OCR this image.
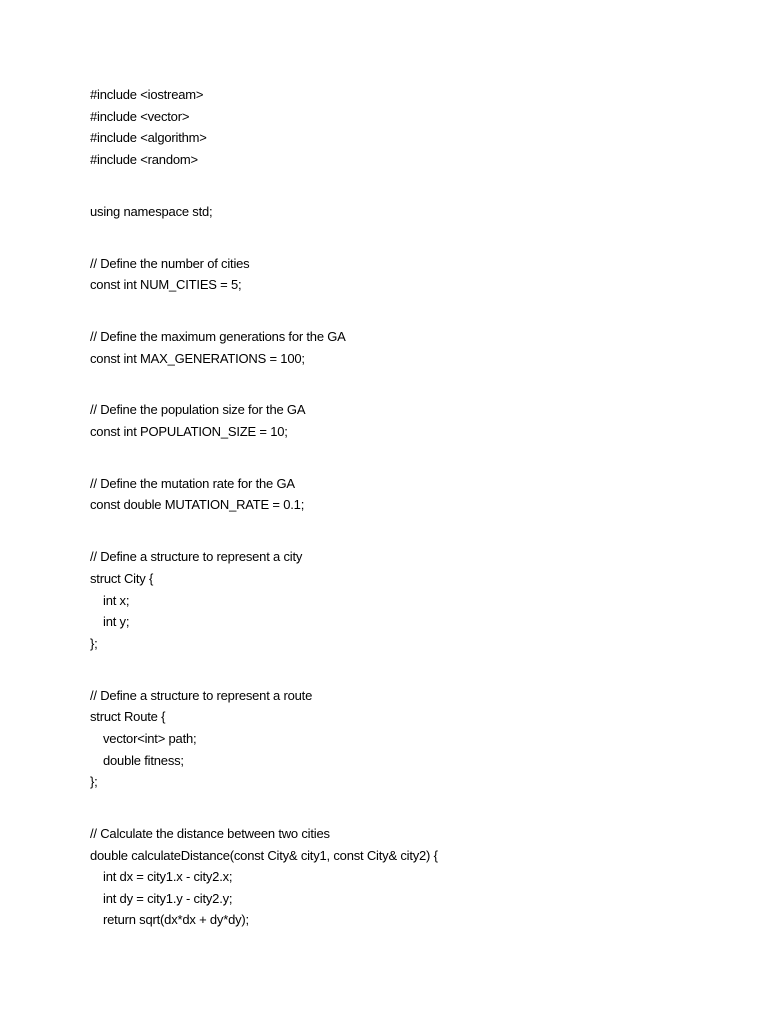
#include <iostream>
#include <vector>
#include <algorithm>
#include <random>
using namespace std;
// Define the number of cities
const int NUM_CITIES = 5;
// Define the maximum generations for the GA
const int MAX_GENERATIONS = 100;
// Define the population size for the GA
const int POPULATION_SIZE = 10;
// Define the mutation rate for the GA
const double MUTATION_RATE = 0.1;
// Define a structure to represent a city
struct City {
int x;
int y;
};
// Define a structure to represent a route
struct Route {
vector<int> path;
double fitness;
};
// Calculate the distance between two cities
double calculateDistance(const City& city1, const City& city2) {
int dx = city1.x - city2.x;
int dy = city1.y - city2.y;
return sqrt(dx*dx + dy*dy);
